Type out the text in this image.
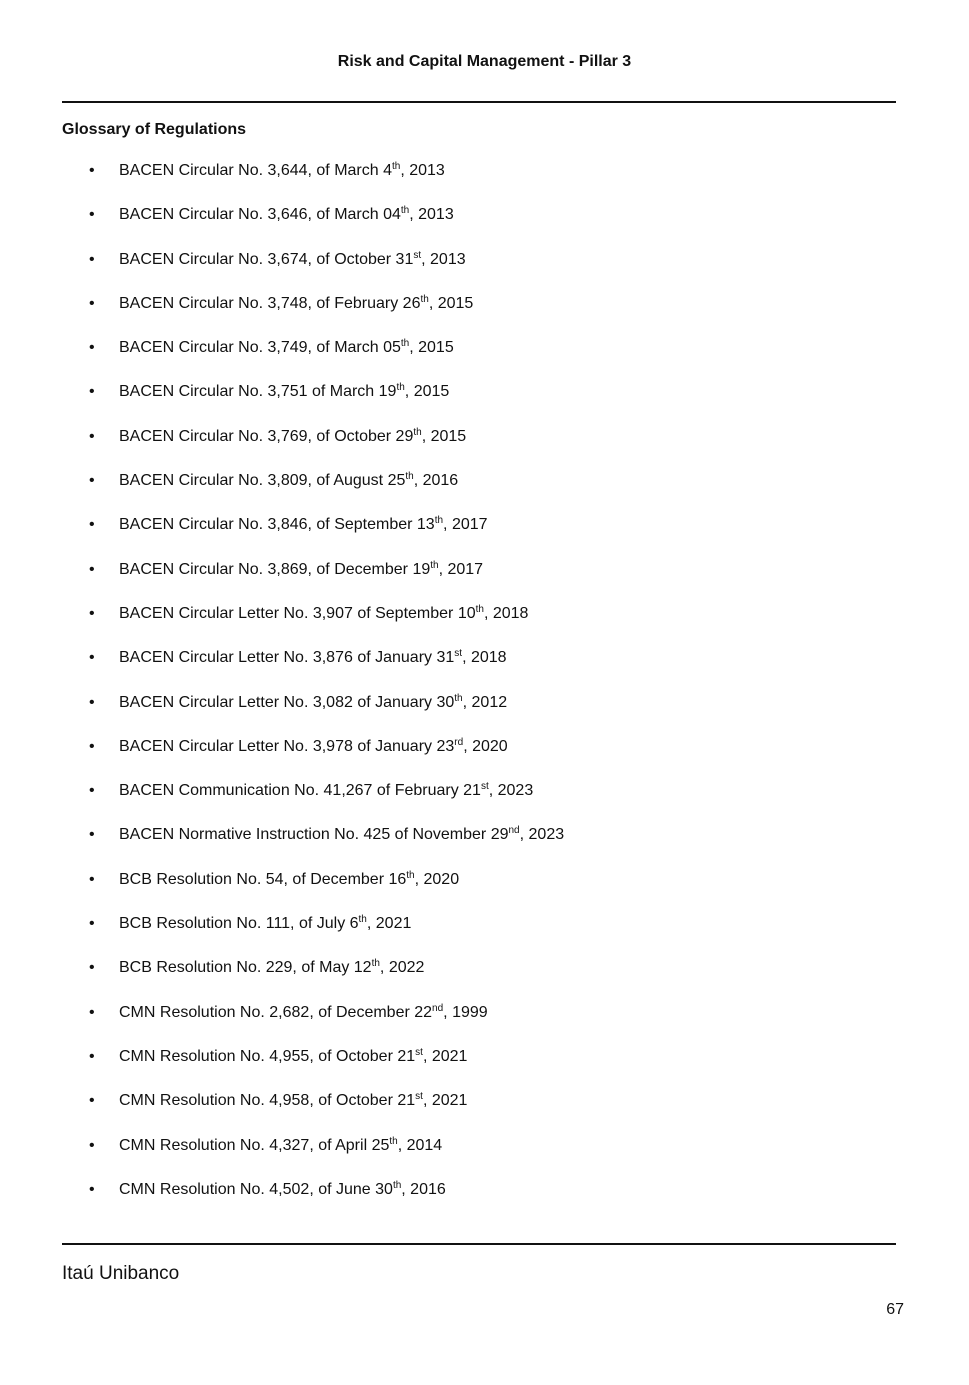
Risk and Capital Management - Pillar 3
Glossary of Regulations
• BACEN Circular No. 3,644, of March 4th, 2013
• BACEN Circular No. 3,646, of March 04th, 2013
• BACEN Circular No. 3,674, of October 31st, 2013
• BACEN Circular No. 3,748, of February 26th, 2015
• BACEN Circular No. 3,749, of March 05th, 2015
• BACEN Circular No. 3,751 of March 19th, 2015
• BACEN Circular No. 3,769, of October 29th, 2015
• BACEN Circular No. 3,809, of August 25th, 2016
• BACEN Circular No. 3,846, of September 13th, 2017
• BACEN Circular No. 3,869, of December 19th, 2017
• BACEN Circular Letter No. 3,907 of September 10th, 2018
• BACEN Circular Letter No. 3,876 of January 31st, 2018
• BACEN Circular Letter No. 3,082 of January 30th, 2012
• BACEN Circular Letter No. 3,978 of January 23rd, 2020
• BACEN Communication No. 41,267 of February 21st, 2023
• BACEN Normative Instruction No. 425 of November 29nd, 2023
• BCB Resolution No. 54, of December 16th, 2020
• BCB Resolution No. 111, of July 6th, 2021
• BCB Resolution No. 229, of May 12th, 2022
• CMN Resolution No. 2,682, of December 22nd, 1999
• CMN Resolution No. 4,955, of October 21st, 2021
• CMN Resolution No. 4,958, of October 21st, 2021
• CMN Resolution No. 4,327, of April 25th, 2014
• CMN Resolution No. 4,502, of June 30th, 2016
Itaú Unibanco
67
